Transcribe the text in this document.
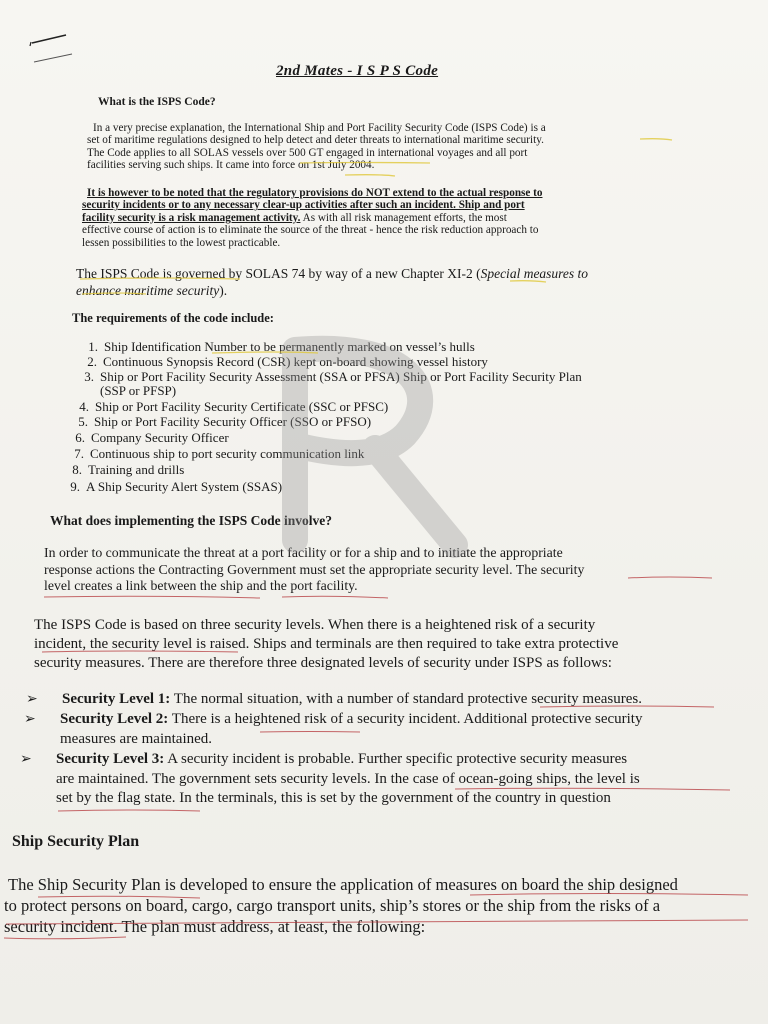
2nd Mates - I S P S Code
What is the ISPS Code?
In a very precise explanation, the International Ship and Port Facility Security Code (ISPS Code) is a
set of maritime regulations designed to help detect and deter threats to international maritime security.
The Code applies to all SOLAS vessels over 500 GT engaged in international voyages and all port
facilities serving such ships. It came into force on 1st July 2004.
It is however to be noted that the regulatory provisions do NOT extend to the actual response to
security incidents or to any necessary clear-up activities after such an incident. Ship and port
facility security is a risk management activity. As with all risk management efforts, the most
effective course of action is to eliminate the source of the threat - hence the risk reduction approach to
lessen possibilities to the lowest practicable.
The ISPS Code is governed by SOLAS 74 by way of a new Chapter XI-2 (Special measures to
enhance maritime security).
The requirements of the code include:
1. Ship Identification Number to be permanently marked on vessel’s hulls
2. Continuous Synopsis Record (CSR) kept on-board showing vessel history
3. Ship or Port Facility Security Assessment (SSA or PFSA) Ship or Port Facility Security Plan
(SSP or PFSP)
4. Ship or Port Facility Security Certificate (SSC or PFSC)
5. Ship or Port Facility Security Officer (SSO or PFSO)
6. Company Security Officer
7. Continuous ship to port security communication link
8. Training and drills
9. A Ship Security Alert System (SSAS)
What does implementing the ISPS Code involve?
In order to communicate the threat at a port facility or for a ship and to initiate the appropriate
response actions the Contracting Government must set the appropriate security level. The security
level creates a link between the ship and the port facility.
The ISPS Code is based on three security levels. When there is a heightened risk of a security
incident, the security level is raised. Ships and terminals are then required to take extra protective
security measures. There are therefore three designated levels of security under ISPS as follows:
➢ Security Level 1: The normal situation, with a number of standard protective security measures.
➢ Security Level 2: There is a heightened risk of a security incident. Additional protective security
measures are maintained.
➢ Security Level 3: A security incident is probable. Further specific protective security measures
are maintained. The government sets security levels. In the case of ocean-going ships, the level is
set by the flag state. In the terminals, this is set by the government of the country in question
Ship Security Plan
The Ship Security Plan is developed to ensure the application of measures on board the ship designed
to protect persons on board, cargo, cargo transport units, ship’s stores or the ship from the risks of a
security incident. The plan must address, at least, the following:
